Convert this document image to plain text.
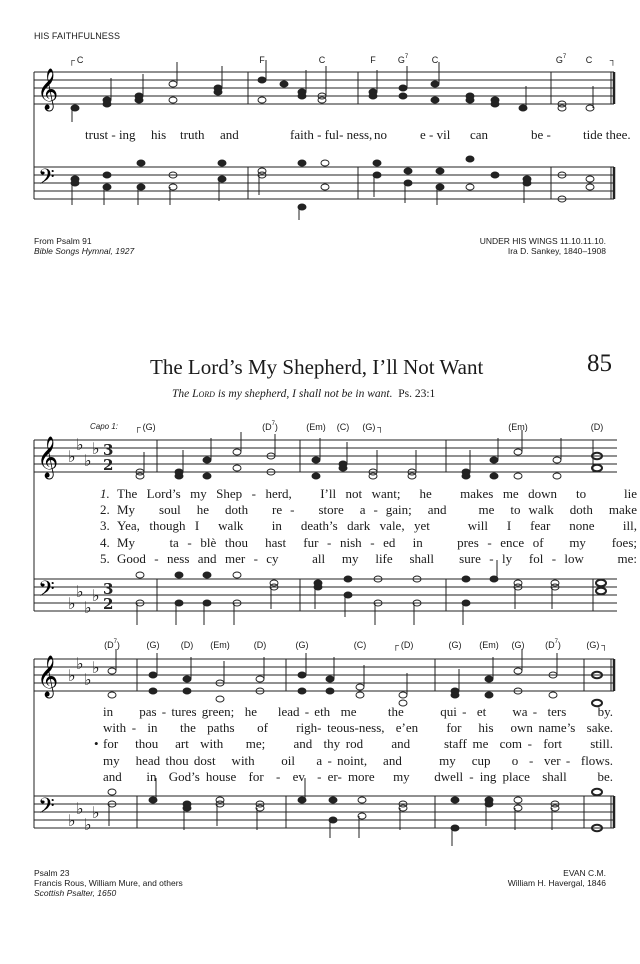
HIS FAITHFULNESS
┌ C	F	C	F $G^7$	C	$G^7$ C ┐
𝄞
𝄢
𝄞
𝄢
♭
♭
♭
♭
♭
♭
♭
♭
3
2
3
2
𝄞
𝄢
♭
♭
♭
♭
♭
♭
♭
♭
trust - ing his truth and	faith - ful- ness, no	e - vil can	be - tide thee.
From Psalm 91
Bible Songs Hymnal, 1927
UNDER HIS WINGS 11.10.11.10.
Ira D. Sankey, 1840–1908
The Lord’s My Shepherd, I’ll Not Want	85
The Lord is my shepherd, I shall not be in want. Ps. 23:1
Capo 1: ┌ (G)	$(D^7)$	(Em) (C) (G) ┐	(Em)	(D)
1. The Lord’s my Shep - herd,   I’ll not want;  he   makes me down  to    lie
2. My   soul  he  doth   re -   store  a - gain;  and    me  to walk  doth  make
3. Yea, though I  walk   in  death’s dark vale, yet    will  I  fear  none   ill,
4. My    ta - blè thou  hast  fur - nish - ed  in    pres - ence of   my   foes;
5. Good - ness and mer - cy    all  my  life  shall   sure - ly  fol - low    me:
$(D^7)$	(G) (D) (Em)	(D)	(G)	(C)	┌ (D)	(G) (Em) (G) $(D^7)$	(G) ┐
in     pas - tures green;  he    lead - eth  me      the       qui -  et     wa -  ters      by.
with -  in    the  paths    of     righ- teous-ness,  e’en     for   his   own name’s  sake.
• for   thou   art  with    me;     and  thy rod     and      staff me  com -  fort     still.
my   head thou dost   with     oil    a - noint,   and       my   cup    o  -  ver -  flows.
and    in  God’s house  for  -  ev  - er- more   my    dwell - ing place  shall     be.
Psalm 23
Francis Rous, William Mure, and others
Scottish Psalter, 1650
EVAN C.M.
William H. Havergal, 1846
